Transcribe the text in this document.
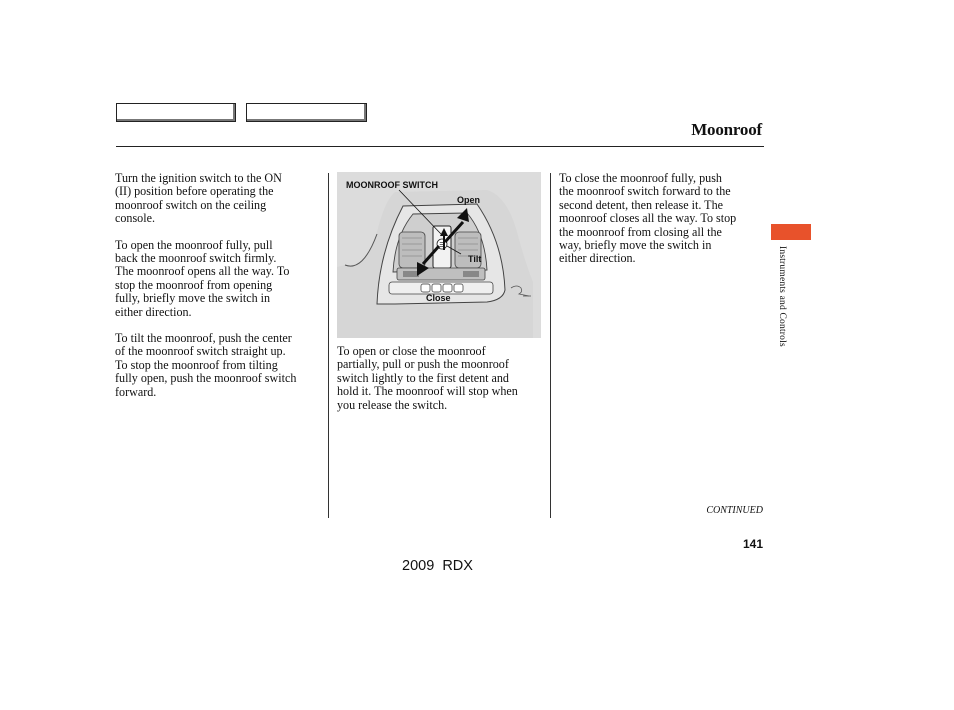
Moonroof

Turn the ignition switch to the ON
(II) position before operating the
moonroof switch on the ceiling
console.

To open the moonroof fully, pull
back the moonroof switch firmly.
The moonroof opens all the way. To
stop the moonroof from opening
fully, briefly move the switch in
either direction.

To tilt the moonroof, push the center
of the moonroof switch straight up.
To stop the moonroof from tilting
fully open, push the moonroof switch
forward.

☰
MOONROOF SWITCH
Open
Tilt
Close

To open or close the moonroof
partially, pull or push the moonroof
switch lightly to the first detent and
hold it. The moonroof will stop when
you release the switch.

To close the moonroof fully, push
the moonroof switch forward to the
second detent, then release it. The
moonroof closes all the way. To stop
the moonroof from closing all the
way, briefly move the switch in
either direction.	Instruments and Controls
CONTINUED
141
2009  RDX
